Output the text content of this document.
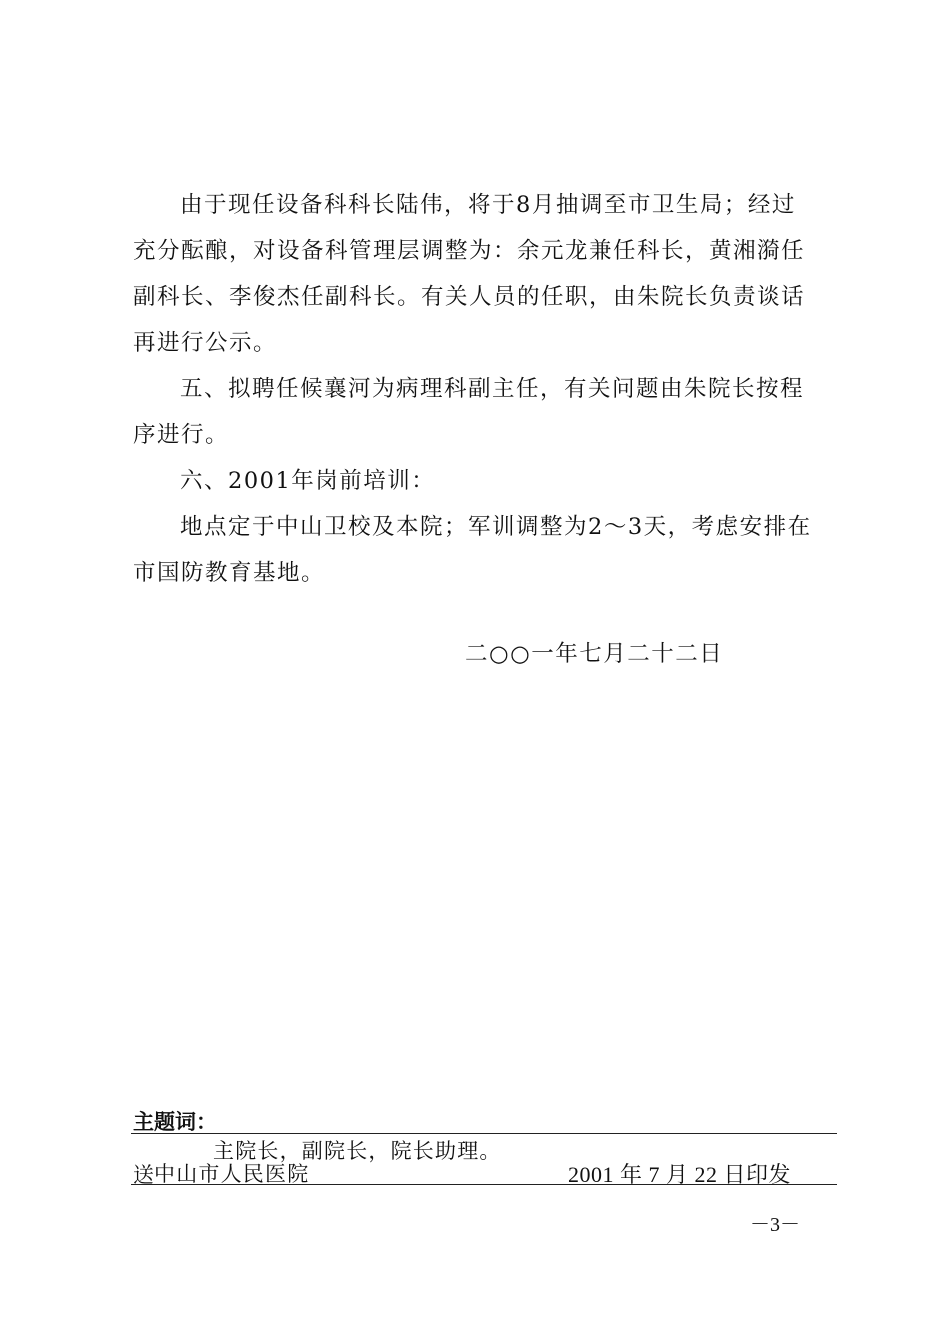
由于现任设备科科长陆伟，将于8月抽调至市卫生局；经过
充分酝酿，对设备科管理层调整为：余元龙兼任科长，黄湘漪任
副科长、李俊杰任副科长。有关人员的任职，由朱院长负责谈话
再进行公示。
五、拟聘任候襄河为病理科副主任，有关问题由朱院长按程
序进行。
六、2001年岗前培训：
地点定于中山卫校及本院；军训调整为2～3天，考虑安排在
市国防教育基地。
二○○一年七月二十二日
主题词：
主院长，副院长，院长助理。
送 中山市人民医院	2001 年 7 月 22 日印发
－3－
